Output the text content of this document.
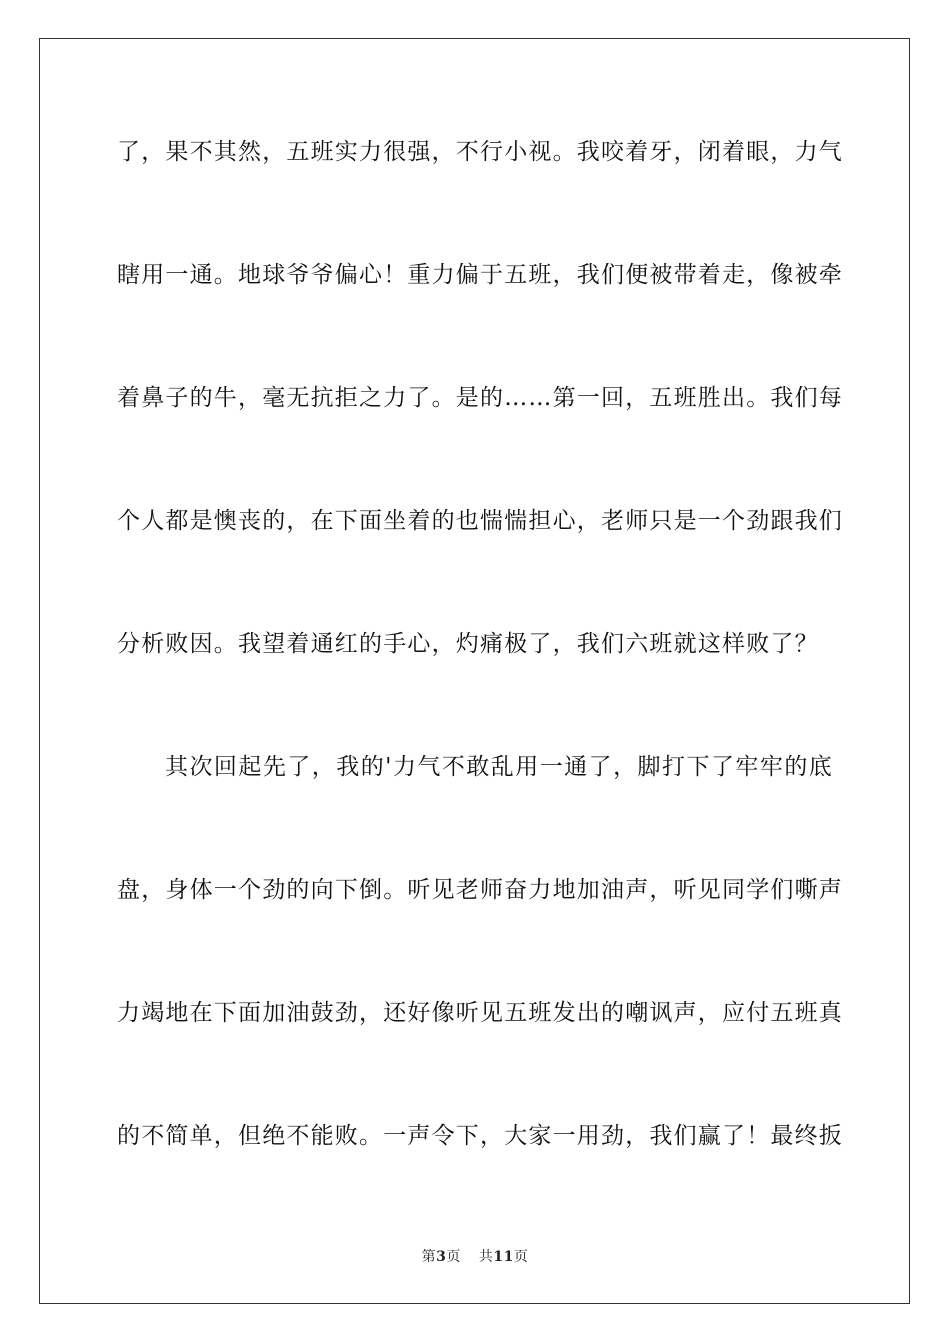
了，果不其然，五班实力很强，不行小视。我咬着牙，闭着眼，力气
瞎用一通。地球爷爷偏心！重力偏于五班，我们便被带着走，像被牵
着鼻子的牛，毫无抗拒之力了。是的……第一回，五班胜出。我们每
个人都是懊丧的，在下面坐着的也惴惴担心，老师只是一个劲跟我们
分析败因。我望着通红的手心，灼痛极了，我们六班就这样败了？
其次回起先了，我的'力气不敢乱用一通了，脚打下了牢牢的底
盘，身体一个劲的向下倒。听见老师奋力地加油声，听见同学们嘶声
力竭地在下面加油鼓劲，还好像听见五班发出的嘲讽声，应付五班真
的不简单，但绝不能败。一声令下，大家一用劲，我们赢了！最终扳
第3页 共11页
